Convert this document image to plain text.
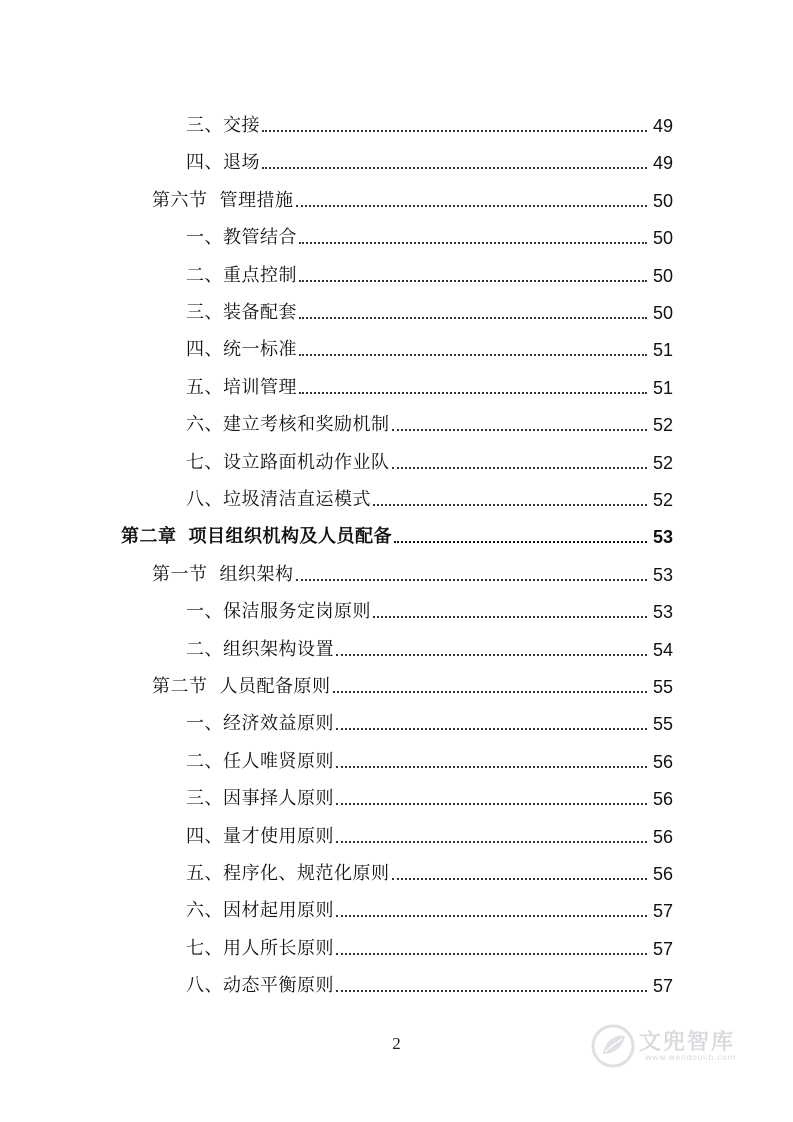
三、交接	49
四、退场	49
第六节 管理措施	50
一、教管结合	50
二、重点控制	50
三、装备配套	50
四、统一标准	51
五、培训管理	51
六、建立考核和奖励机制	52
七、设立路面机动作业队	52
八、垃圾清洁直运模式	52
第二章 项目组织机构及人员配备	53
第一节 组织架构	53
一、保洁服务定岗原则	53
二、组织架构设置	54
第二节 人员配备原则	55
一、经济效益原则	55
二、任人唯贤原则	56
三、因事择人原则	56
四、量才使用原则	56
五、程序化、规范化原则	56
六、因材起用原则	57
七、用人所长原则	57
八、动态平衡原则	57
2	文兜智库
www.wendoulib.com
